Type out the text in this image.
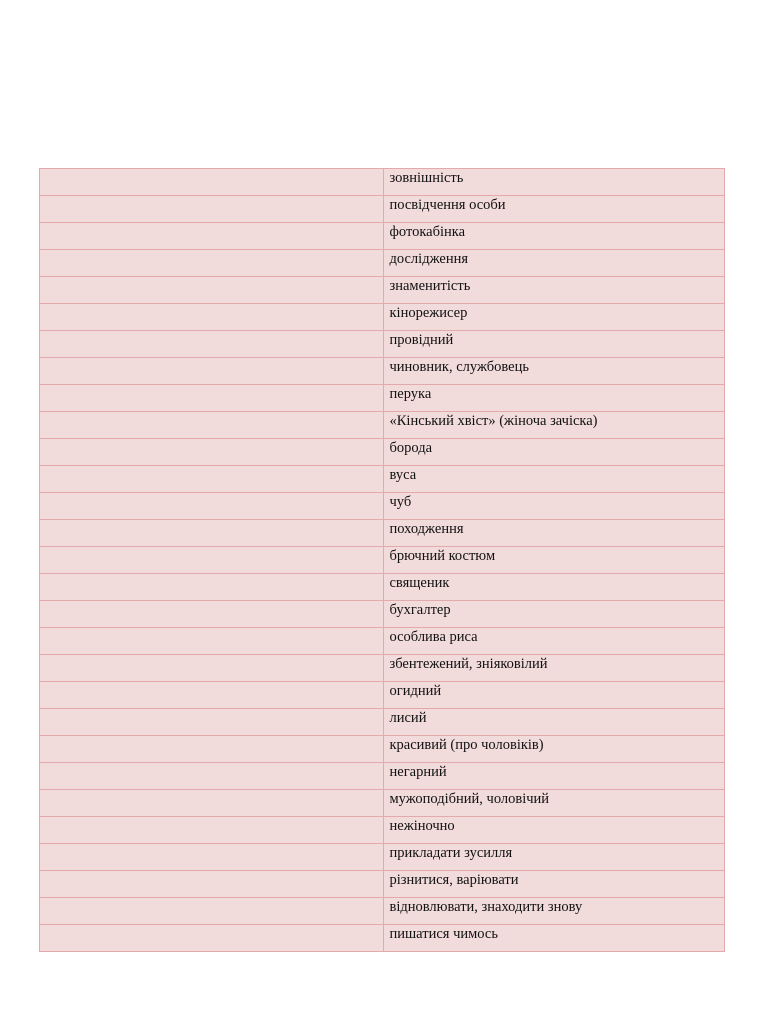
	зовнішність
	посвідчення особи
	фотокабінка
	дослідження
	знаменитість
	кінорежисер
	провідний
	чиновник, службовець
	перука
	«Кінський хвіст» (жіноча зачіска)
	борода
	вуса
	чуб
	походження
	брючний костюм
	священик
	бухгалтер
	особлива риса
	збентежений, зніяковілий
	огидний
	лисий
	красивий (про чоловіків)
	негарний
	мужоподібний, чоловічий
	нежіночно
	прикладати зусилля
	різнитися, варіювати
	відновлювати, знаходити знову
	пишатися чимось
